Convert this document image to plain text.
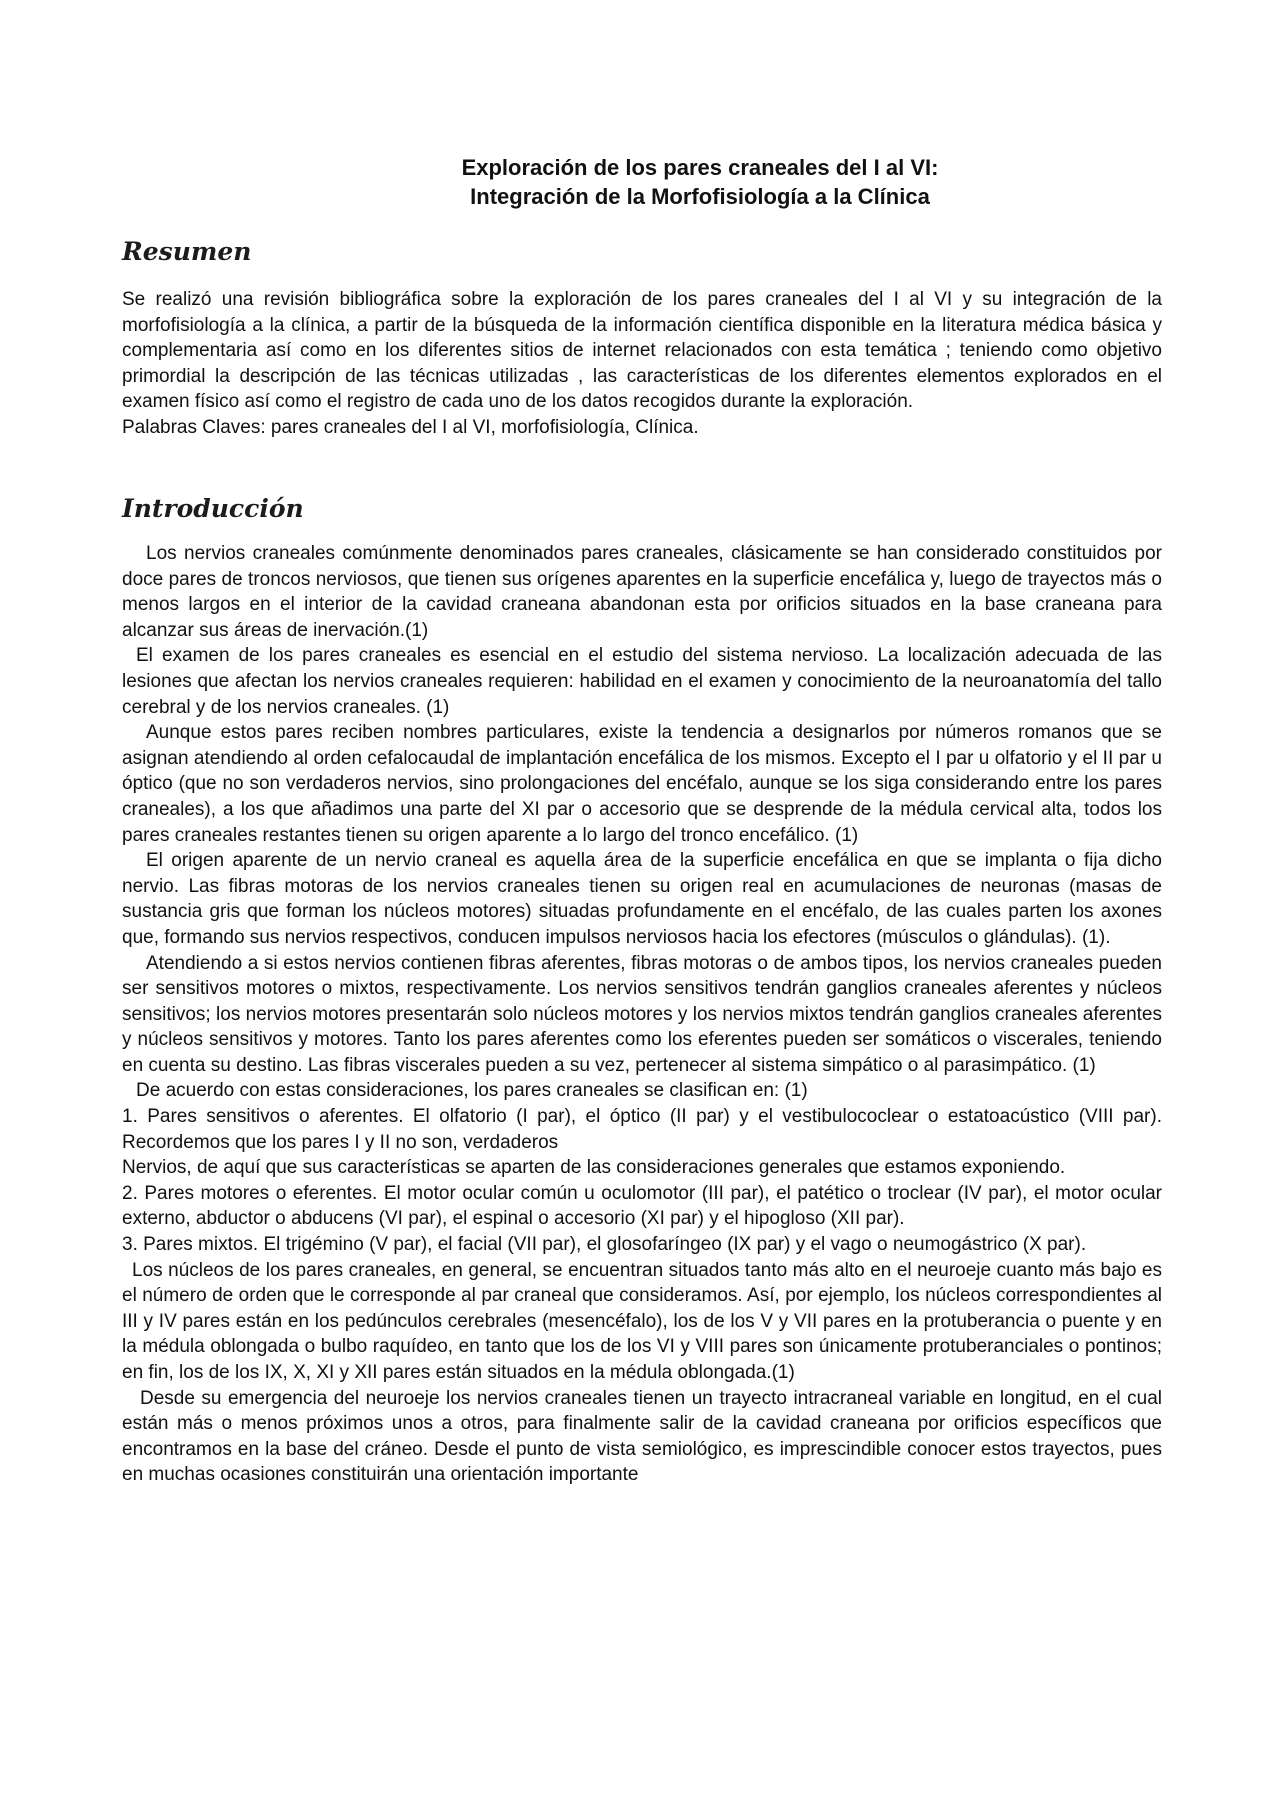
Exploración de los pares craneales del I al VI:
Integración de la Morfofisiología a la Clínica
Resumen

Se realizó una revisión bibliográfica sobre la exploración de los pares craneales del I al VI y su integración de la morfofisiología a la clínica, a partir de la búsqueda de la información científica disponible en la literatura médica básica y complementaria así como en los diferentes sitios de internet relacionados con esta temática ; teniendo como objetivo primordial la descripción de las técnicas utilizadas , las características de los diferentes elementos explorados en el examen físico así como el registro de cada uno de los datos recogidos durante la exploración.

Palabras Claves: pares craneales del I al VI, morfofisiología, Clínica.

Introducción

Los nervios craneales comúnmente denominados pares craneales, clásicamente se han considerado constituidos por doce pares de troncos nerviosos, que tienen sus orígenes aparentes en la superficie encefálica y, luego de trayectos más o menos largos en el interior de la cavidad craneana abandonan esta por orificios situados en la base craneana para alcanzar sus áreas de inervación.(1)

El examen de los pares craneales es esencial en el estudio del sistema nervioso. La localización adecuada de las lesiones que afectan los nervios craneales requieren: habilidad en el examen y conocimiento de la neuroanatomía del tallo cerebral y de los nervios craneales. (1)

Aunque estos pares reciben nombres particulares, existe la tendencia a designarlos por números romanos que se asignan atendiendo al orden cefalocaudal de implantación encefálica de los mismos. Excepto el I par u olfatorio y el II par u óptico (que no son verdaderos nervios, sino prolongaciones del encéfalo, aunque se los siga considerando entre los pares craneales), a los que añadimos una parte del XI par o accesorio que se desprende de la médula cervical alta, todos los pares craneales restantes tienen su origen aparente a lo largo del tronco encefálico. (1)

El origen aparente de un nervio craneal es aquella área de la superficie encefálica en que se implanta o fija dicho nervio. Las fibras motoras de los nervios craneales tienen su origen real en acumulaciones de neuronas (masas de sustancia gris que forman los núcleos motores) situadas profundamente en el encéfalo, de las cuales parten los axones que, formando sus nervios respectivos, conducen impulsos nerviosos hacia los efectores (músculos o glándulas). (1).

Atendiendo a si estos nervios contienen fibras aferentes, fibras motoras o de ambos tipos, los nervios craneales pueden ser sensitivos motores o mixtos, respectivamente. Los nervios sensitivos tendrán ganglios craneales aferentes y núcleos sensitivos; los nervios motores presentarán solo núcleos motores y los nervios mixtos tendrán ganglios craneales aferentes y núcleos sensitivos y motores. Tanto los pares aferentes como los eferentes pueden ser somáticos o viscerales, teniendo en cuenta su destino. Las fibras viscerales pueden a su vez, pertenecer al sistema simpático o al parasimpático. (1)

De acuerdo con estas consideraciones, los pares craneales se clasifican en: (1)

1. Pares sensitivos o aferentes. El olfatorio (I par), el óptico (II par) y el vestibulococlear o estatoacústico (VIII par). Recordemos que los pares I y II no son, verdaderos

Nervios, de aquí que sus características se aparten de las consideraciones generales que estamos exponiendo.

2. Pares motores o eferentes. El motor ocular común u oculomotor (III par), el patético o troclear (IV par), el motor ocular externo, abductor o abducens (VI par), el espinal o accesorio (XI par) y el hipogloso (XII par).

3. Pares mixtos. El trigémino (V par), el facial (VII par), el glosofaríngeo (IX par) y el vago o neumogástrico (X par).

Los núcleos de los pares craneales, en general, se encuentran situados tanto más alto en el neuroeje cuanto más bajo es el número de orden que le corresponde al par craneal que consideramos. Así, por ejemplo, los núcleos correspondientes al III y IV pares están en los pedúnculos cerebrales (mesencéfalo), los de los V y VII pares en la protuberancia o puente y en la médula oblongada o bulbo raquídeo, en tanto que los de los VI y VIII pares son únicamente protuberanciales o pontinos; en fin, los de los IX, X, XI y XII pares están situados en la médula oblongada.(1)

Desde su emergencia del neuroeje los nervios craneales tienen un trayecto intracraneal variable en longitud, en el cual están más o menos próximos unos a otros, para finalmente salir de la cavidad craneana por orificios específicos que encontramos en la base del cráneo. Desde el punto de vista semiológico, es imprescindible conocer estos trayectos, pues en muchas ocasiones constituirán una orientación importante
